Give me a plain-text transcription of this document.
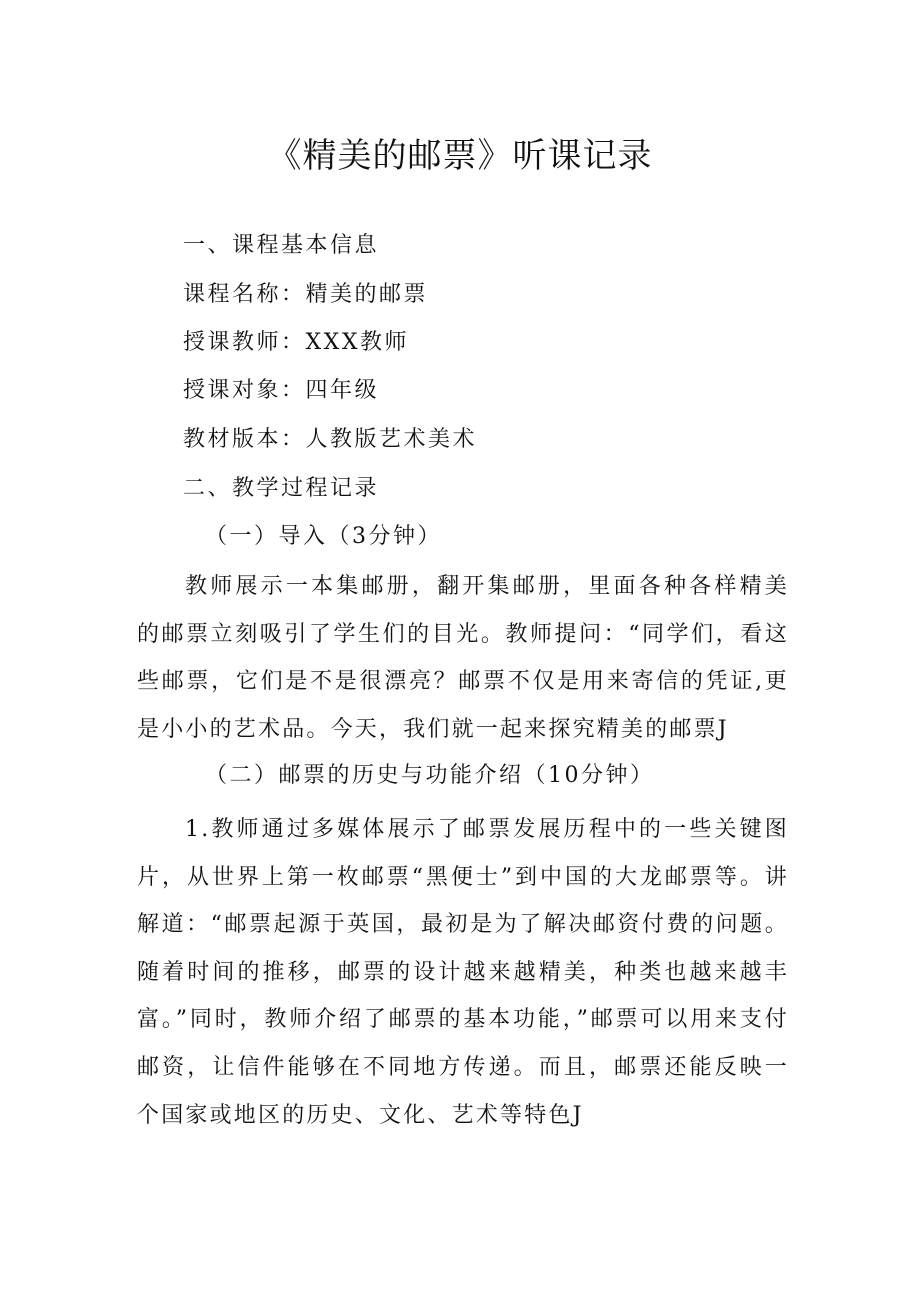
《精美的邮票》听课记录
一、课程基本信息
课程名称：精美的邮票
授课教师：XXX教师
授课对象：四年级
教材版本：人教版艺术美术
二、教学过程记录
（一）导入（3分钟）

教师展示一本集邮册，翻开集邮册，里面各种各样精美的邮票立刻吸引了学生们的目光。教师提问：“同学们，看这些邮票，它们是不是很漂亮？邮票不仅是用来寄信的凭证,更是小小的艺术品。今天，我们就一起来探究精美的邮票J

（二）邮票的历史与功能介绍（10分钟）

1.教师通过多媒体展示了邮票发展历程中的一些关键图片，从世界上第一枚邮票“黑便士”到中国的大龙邮票等。讲解道：“邮票起源于英国，最初是为了解决邮资付费的问题。随着时间的推移，邮票的设计越来越精美，种类也越来越丰富。”同时，教师介绍了邮票的基本功能，”邮票可以用来支付邮资，让信件能够在不同地方传递。而且，邮票还能反映一个国家或地区的历史、文化、艺术等特色J
